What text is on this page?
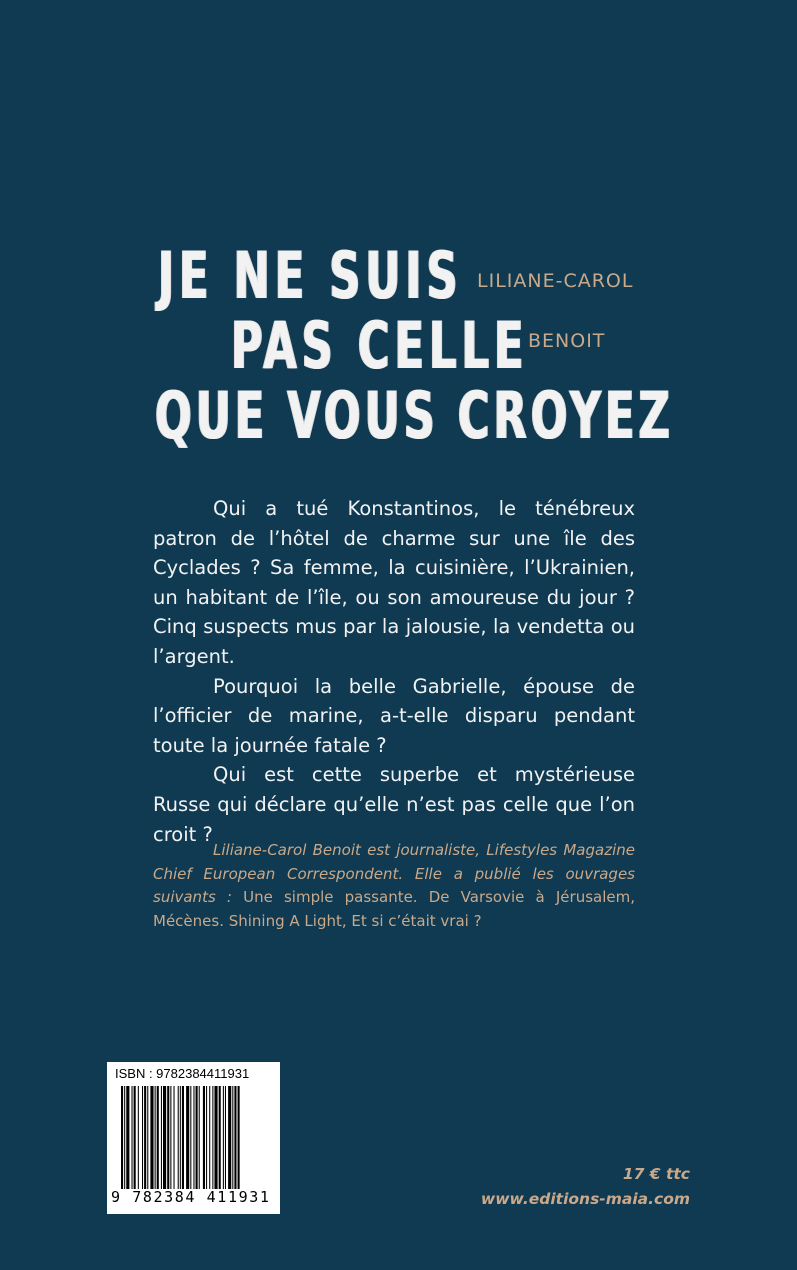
JE NE SUIS
PAS CELLE
QUE VOUS CROYEZ
LILIANE-CAROL
BENOIT

Qui a tué Konstantinos, le ténébreux patron de l’hôtel de charme sur une île des Cyclades ? Sa femme, la cuisinière, l’Ukrainien, un habitant de l’île, ou son amoureuse du jour ? Cinq suspects mus par la jalousie, la vendetta ou l’argent.

Pourquoi la belle Gabrielle, épouse de l’officier de marine, a-t-elle disparu pendant toute la journée fatale ?

Qui est cette superbe et mystérieuse Russe qui déclare qu’elle n’est pas celle que l’on croit ?

Liliane-Carol Benoit est journaliste, Lifestyles Magazine Chief European Correspondent. Elle a publié les ouvrages suivants : Une simple passante. De Varsovie à Jérusalem, Mécènes. Shining A Light, Et si c’était vrai ?
ISBN : 9782384411931
9 782384 411931
17 € ttc
www.editions-maia.com
